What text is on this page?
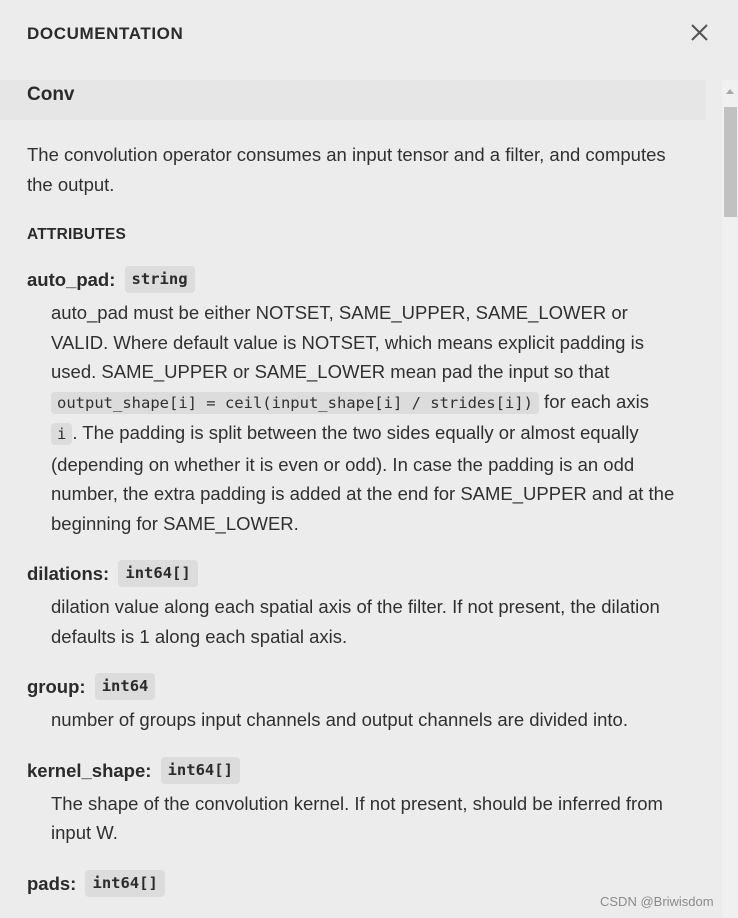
DOCUMENTATION
Conv

The convolution operator consumes an input tensor and a filter, and computes the output.

ATTRIBUTES
auto_pad: string
auto_pad must be either NOTSET, SAME_UPPER, SAME_LOWER or VALID. Where default value is NOTSET, which means explicit padding is used. SAME_UPPER or SAME_LOWER mean pad the input so that output_shape[i] = ceil(input_shape[i] / strides[i]) for each axis i . The padding is split between the two sides equally or almost equally (depending on whether it is even or odd). In case the padding is an odd number, the extra padding is added at the end for SAME_UPPER and at the beginning for SAME_LOWER.
dilations: int64[]
dilation value along each spatial axis of the filter. If not present, the dilation defaults is 1 along each spatial axis.
group: int64
number of groups input channels and output channels are divided into.
kernel_shape: int64[]
The shape of the convolution kernel. If not present, should be inferred from input W.
pads: int64[]
CSDN @Briwisdom
